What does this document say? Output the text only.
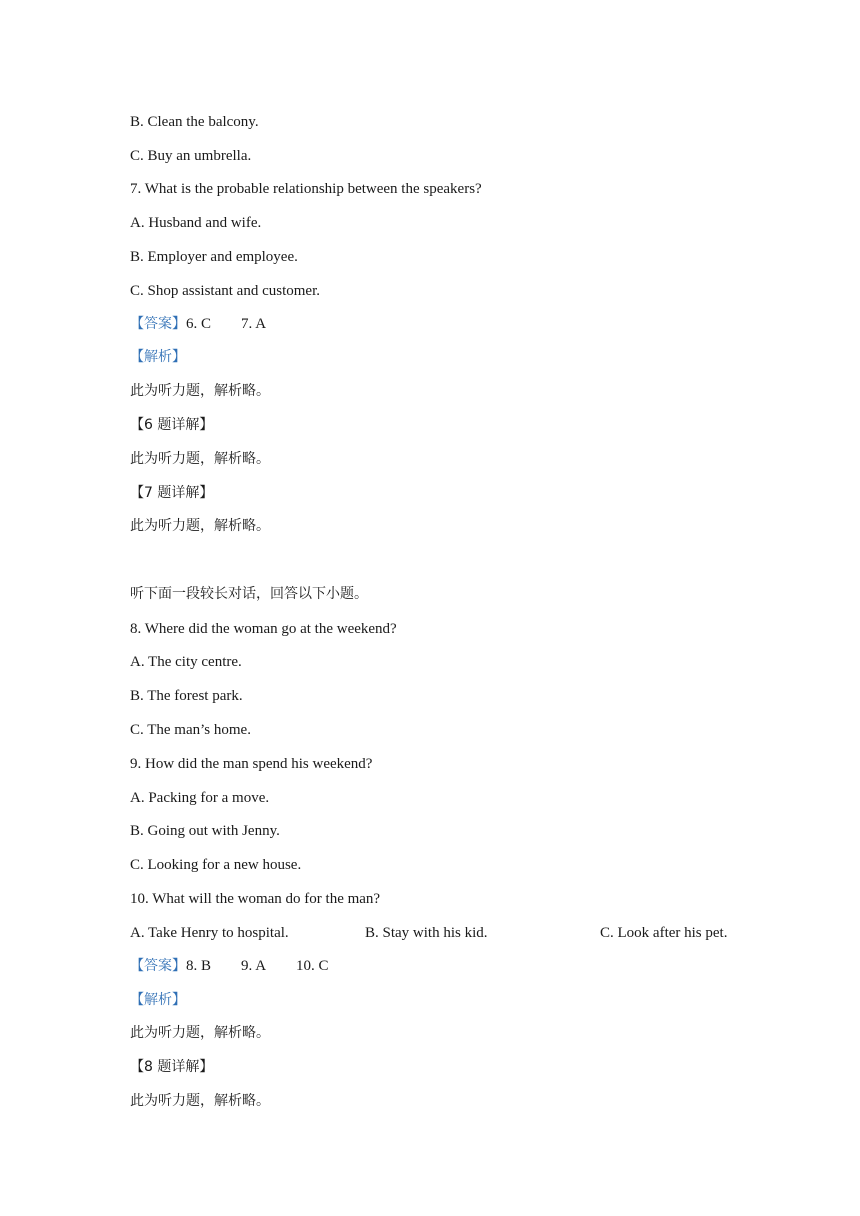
B. Clean the balcony.
C. Buy an umbrella.
7. What is the probable relationship between the speakers?
A. Husband and wife.
B. Employer and employee.
C. Shop assistant and customer.
【答案】6. C 7. A
【解析】
此为听力题，解析略。
【6 题详解】
此为听力题，解析略。
【7 题详解】
此为听力题，解析略。
听下面一段较长对话，回答以下小题。
8. Where did the woman go at the weekend?
A. The city centre.
B. The forest park.
C. The man’s home.
9. How did the man spend his weekend?
A. Packing for a move.
B. Going out with Jenny.
C. Looking for a new house.
10. What will the woman do for the man?
A. Take Henry to hospital.	B. Stay with his kid.	C. Look after his pet.
【答案】8. B 9. A 10. C
【解析】
此为听力题，解析略。
【8 题详解】
此为听力题，解析略。
